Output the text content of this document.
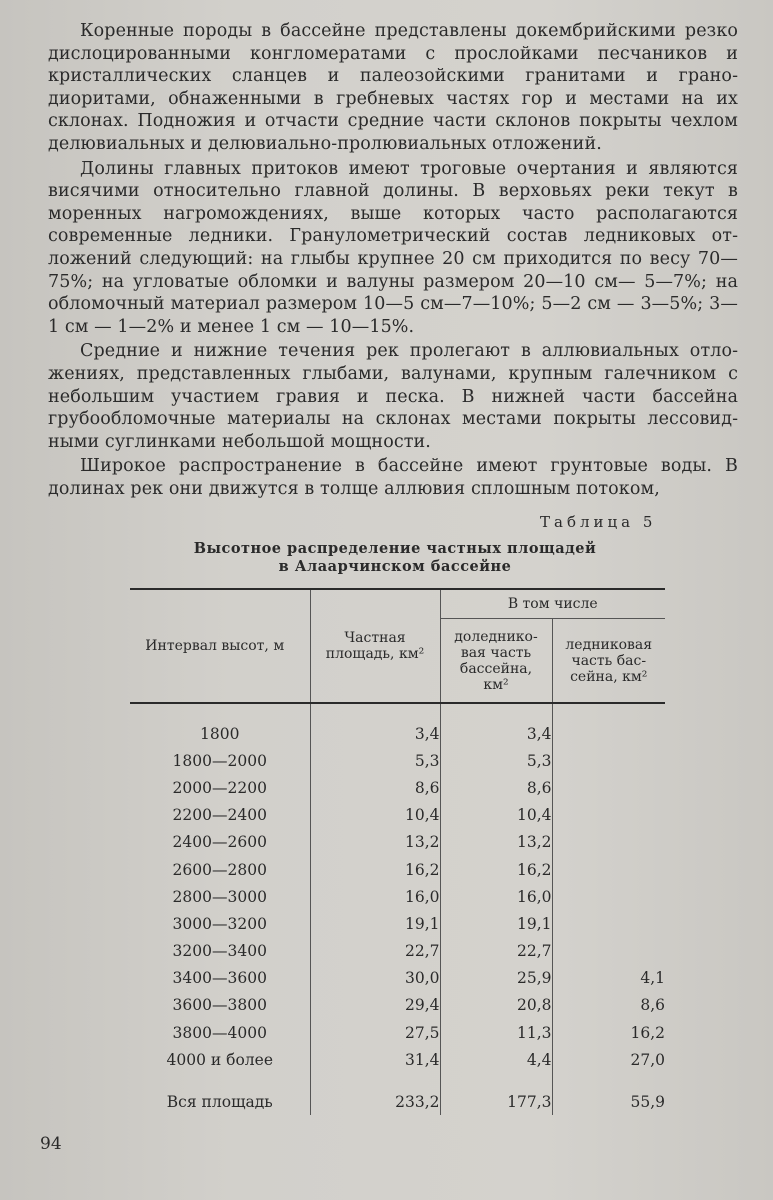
Коренные породы в бассейне представлены докембрийскими резко дислоцированными конгломератами с прослойками песчаников и кристаллических сланцев и палеозойскими гранитами и гранодиоритами, обнаженными в гребневых частях гор и местами на их склонах. Подножия и отчасти средние части склонов покрыты чехлом делювиальных и делювиально-пролювиальных отложений.

Долины главных притоков имеют троговые очертания и являются висячими относительно главной долины. В верховьях реки текут в моренных нагромождениях, выше которых часто располагаются современные ледники. Гранулометрический состав ледниковых отложений следующий: на глыбы крупнее 20 см приходится по весу 70—75%; на угловатые обломки и валуны размером 20—10 см— 5—7%; на обломочный материал размером 10—5 см—7—10%; 5—2 см — 3—5%; 3—1 см — 1—2% и менее 1 см — 10—15%.

Средние и нижние течения рек пролегают в аллювиальных отложениях, представленных глыбами, валунами, крупным галечником с небольшим участием гравия и песка. В нижней части бассейна грубообломочные материалы на склонах местами покрыты лессовидными суглинками небольшой мощности.

Широкое распространение в бассейне имеют грунтовые воды. В долинах рек они движутся в толще аллювия сплошным потоком,

Таблица 5
Высотное распределение частных площадей
в Алаарчинском бассейне
Интервал высот, м	Частная площадь, км²	В том числе	
		доледниковая часть бассейна, км²	ледниковая часть бассейна, км²

1800	3,4	3,4	
1800—2000	5,3	5,3	
2000—2200	8,6	8,6	
2200—2400	10,4	10,4	
2400—2600	13,2	13,2	
2600—2800	16,2	16,2	
2800—3000	16,0	16,0	
3000—3200	19,1	19,1	
3200—3400	22,7	22,7	
3400—3600	30,0	25,9	4,1
3600—3800	29,4	20,8	8,6
3800—4000	27,5	11,3	16,2
4000 и более	31,4	4,4	27,0

Вся площадь	233,2	177,3	55,9
94
